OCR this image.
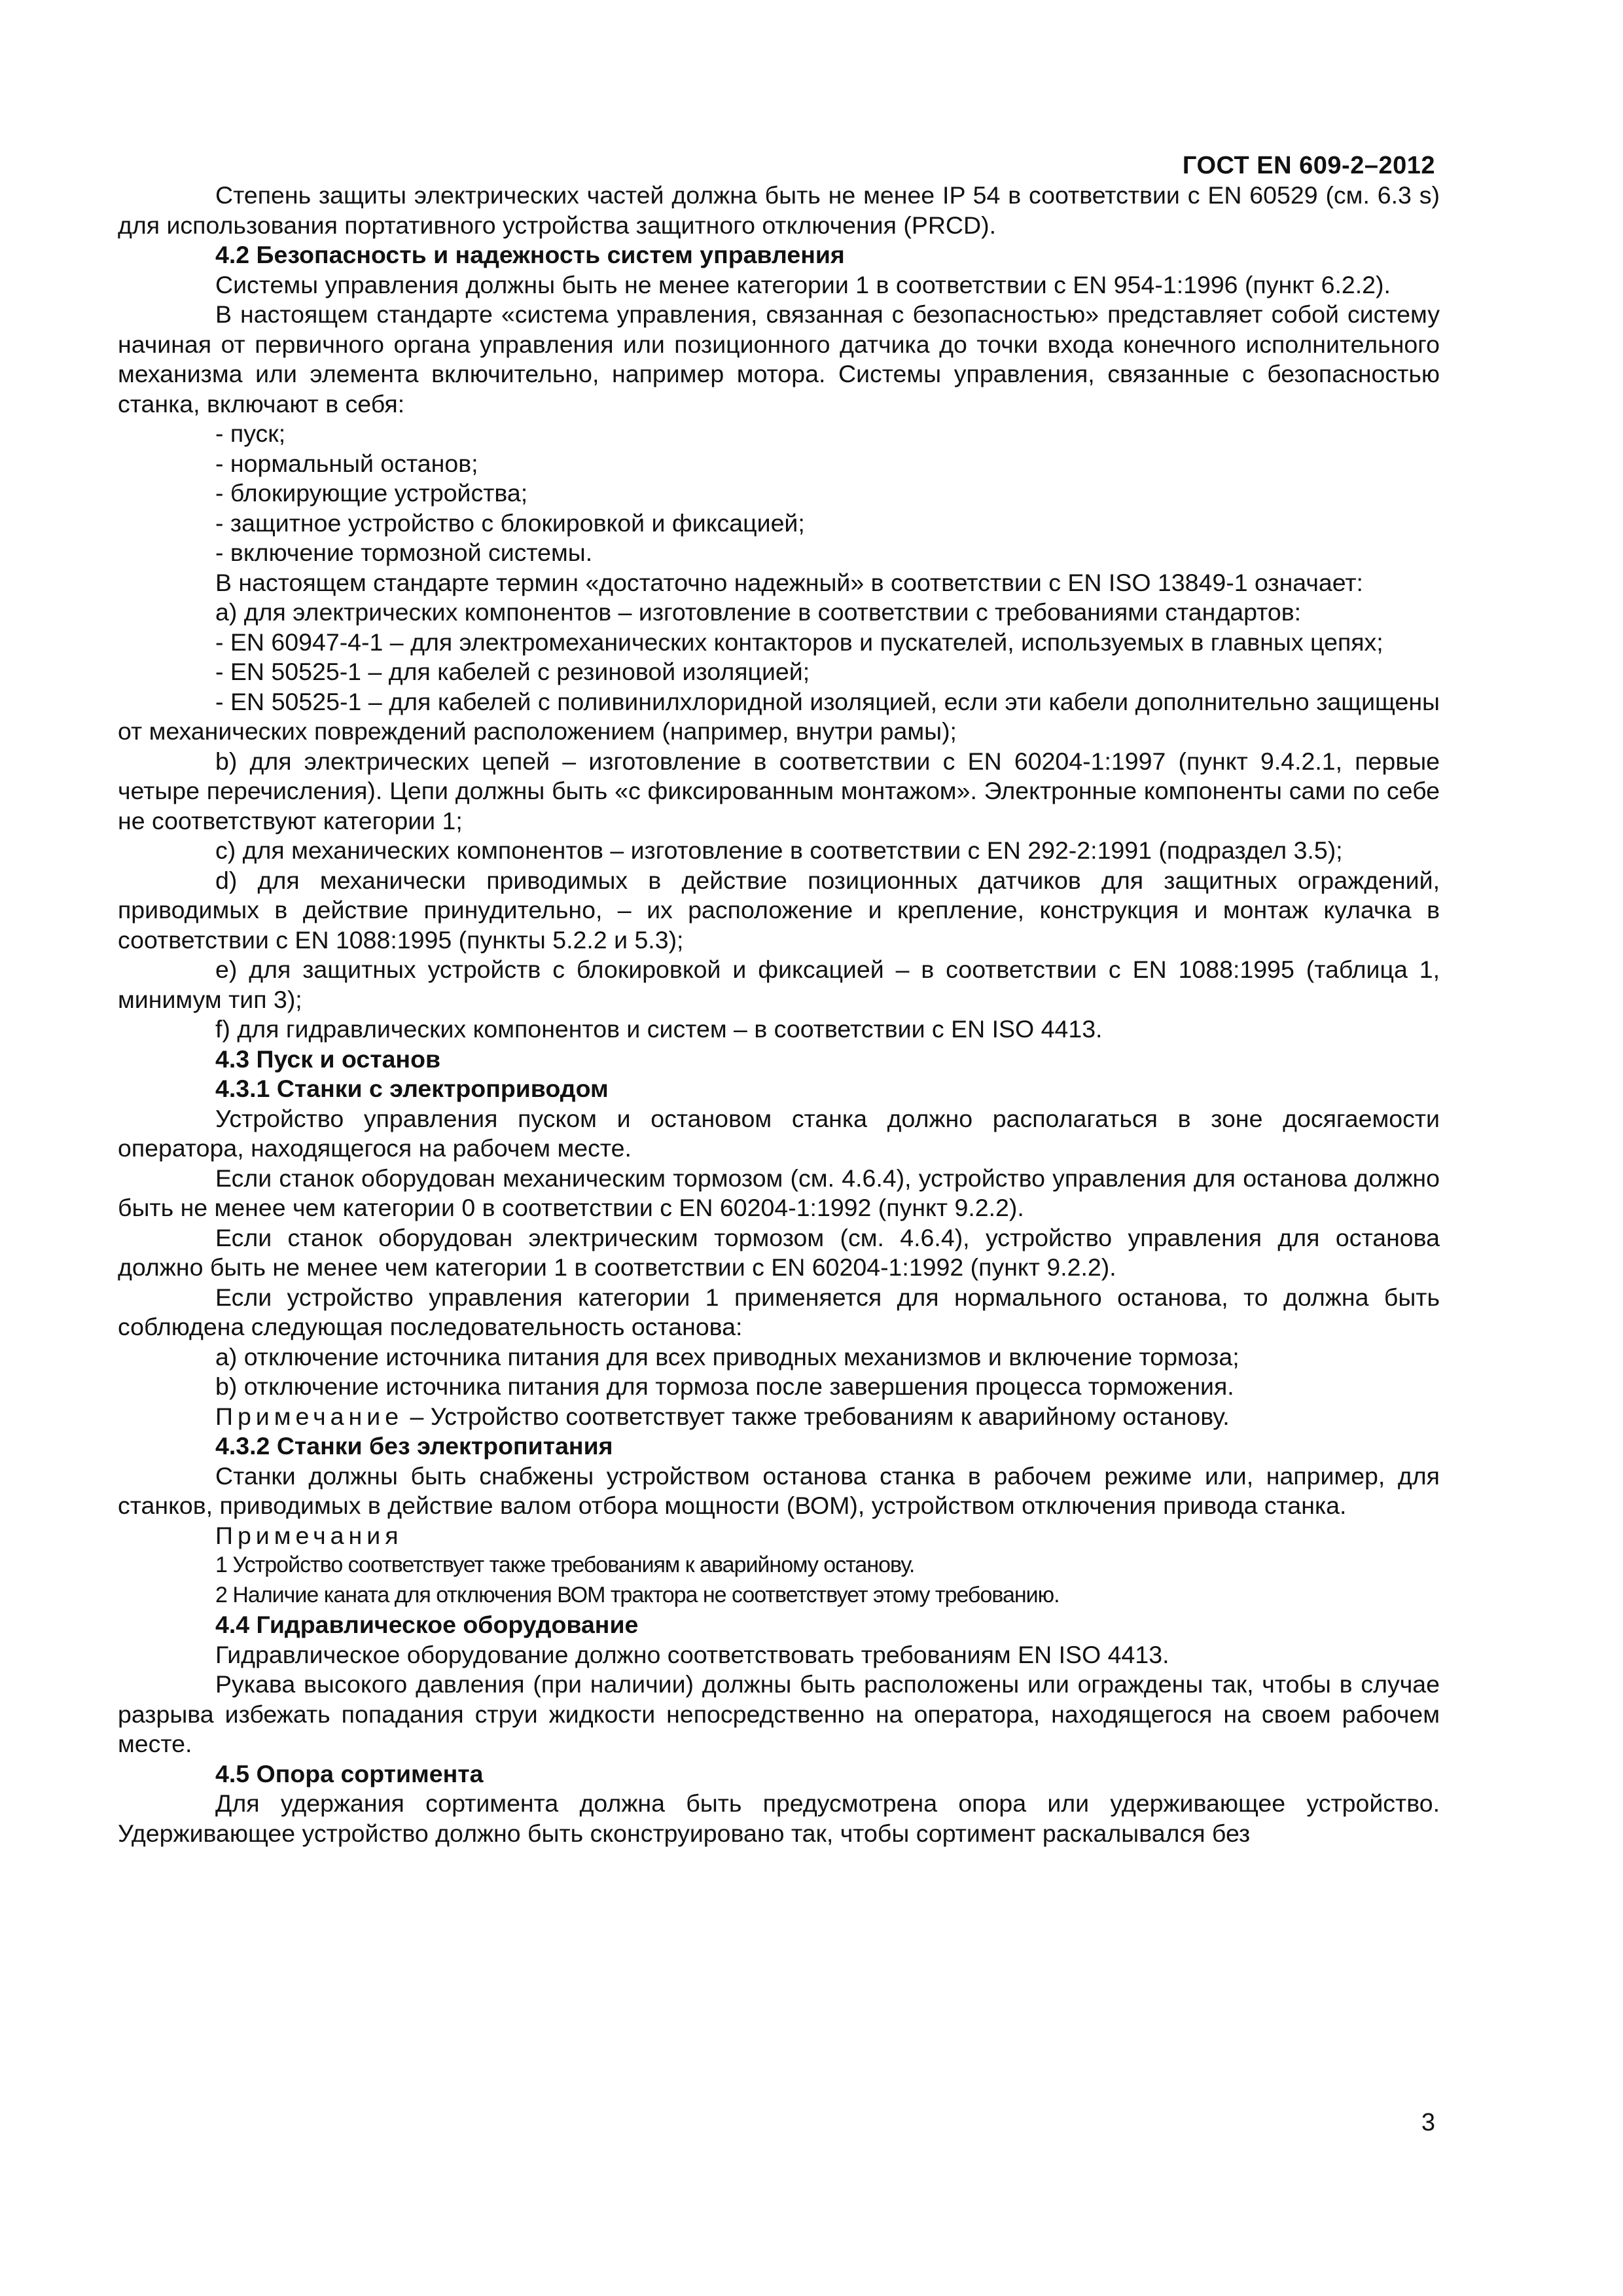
ГОСТ EN 609-2–2012

Степень защиты электрических частей должна быть не менее IP 54 в соответствии с EN 60529 (см. 6.3 s) для использования портативного устройства защитного отключения (PRCD).

4.2 Безопасность и надежность систем управления

Системы управления должны быть не менее категории 1 в соответствии с EN 954-1:1996 (пункт 6.2.2).

В настоящем стандарте «система управления, связанная с безопасностью» представляет собой систему начиная от первичного органа управления или позиционного датчика до точки входа конечного исполнительного механизма или элемента включительно, например мотора. Системы управления, связанные с безопасностью станка, включают в себя:

- пуск;

- нормальный останов;

- блокирующие устройства;

- защитное устройство с блокировкой и фиксацией;

- включение тормозной системы.

В настоящем стандарте термин «достаточно надежный» в соответствии с EN ISO 13849-1 означает:

а) для электрических компонентов – изготовление в соответствии с требованиями стандартов:

- EN 60947-4-1 – для электромеханических контакторов и пускателей, используемых в главных цепях;

- EN 50525-1 – для кабелей с резиновой изоляцией;

- EN 50525-1 – для кабелей с поливинилхлоридной изоляцией, если эти кабели дополнительно защищены от механических повреждений расположением (например, внутри рамы);

b) для электрических цепей – изготовление в соответствии с EN 60204-1:1997 (пункт 9.4.2.1, первые четыре перечисления). Цепи должны быть «с фиксированным монтажом». Электронные компоненты сами по себе не соответствуют категории 1;

c) для механических компонентов – изготовление в соответствии с EN 292-2:1991 (подраздел 3.5);

d) для механически приводимых в действие позиционных датчиков для защитных ограждений, приводимых в действие принудительно, – их расположение и крепление, конструкция и монтаж кулачка в соответствии с EN 1088:1995 (пункты 5.2.2 и 5.3);

e) для защитных устройств с блокировкой и фиксацией – в соответствии с EN 1088:1995 (таблица 1, минимум тип 3);

f) для гидравлических компонентов и систем – в соответствии с EN ISO 4413.

4.3 Пуск и останов

4.3.1 Станки с электроприводом

Устройство управления пуском и остановом станка должно располагаться в зоне досягаемости оператора, находящегося на рабочем месте.

Если станок оборудован механическим тормозом (см. 4.6.4), устройство управления для останова должно быть не менее чем категории 0 в соответствии с EN 60204-1:1992 (пункт 9.2.2).

Если станок оборудован электрическим тормозом (см. 4.6.4), устройство управления для останова должно быть не менее чем категории 1 в соответствии с EN 60204-1:1992 (пункт 9.2.2).

Если устройство управления категории 1 применяется для нормального останова, то должна быть соблюдена следующая последовательность останова:

а) отключение источника питания для всех приводных механизмов и включение тормоза;

b) отключение источника питания для тормоза после завершения процесса торможения.

Примечание – Устройство соответствует также требованиям к аварийному останову.

4.3.2 Станки без электропитания

Станки должны быть снабжены устройством останова станка в рабочем режиме или, например, для станков, приводимых в действие валом отбора мощности (ВОМ), устройством отключения привода станка.

Примечания

1 Устройство соответствует также требованиям к аварийному останову.

2 Наличие каната для отключения ВОМ трактора не соответствует этому требованию.

4.4 Гидравлическое оборудование

Гидравлическое оборудование должно соответствовать требованиям EN ISO 4413.

Рукава высокого давления (при наличии) должны быть расположены или ограждены так, чтобы в случае разрыва избежать попадания струи жидкости непосредственно на оператора, находящегося на своем рабочем месте.

4.5 Опора сортимента

Для удержания сортимента должна быть предусмотрена опора или удерживающее устройство. Удерживающее устройство должно быть сконструировано так, чтобы сортимент раскалывался без

3
